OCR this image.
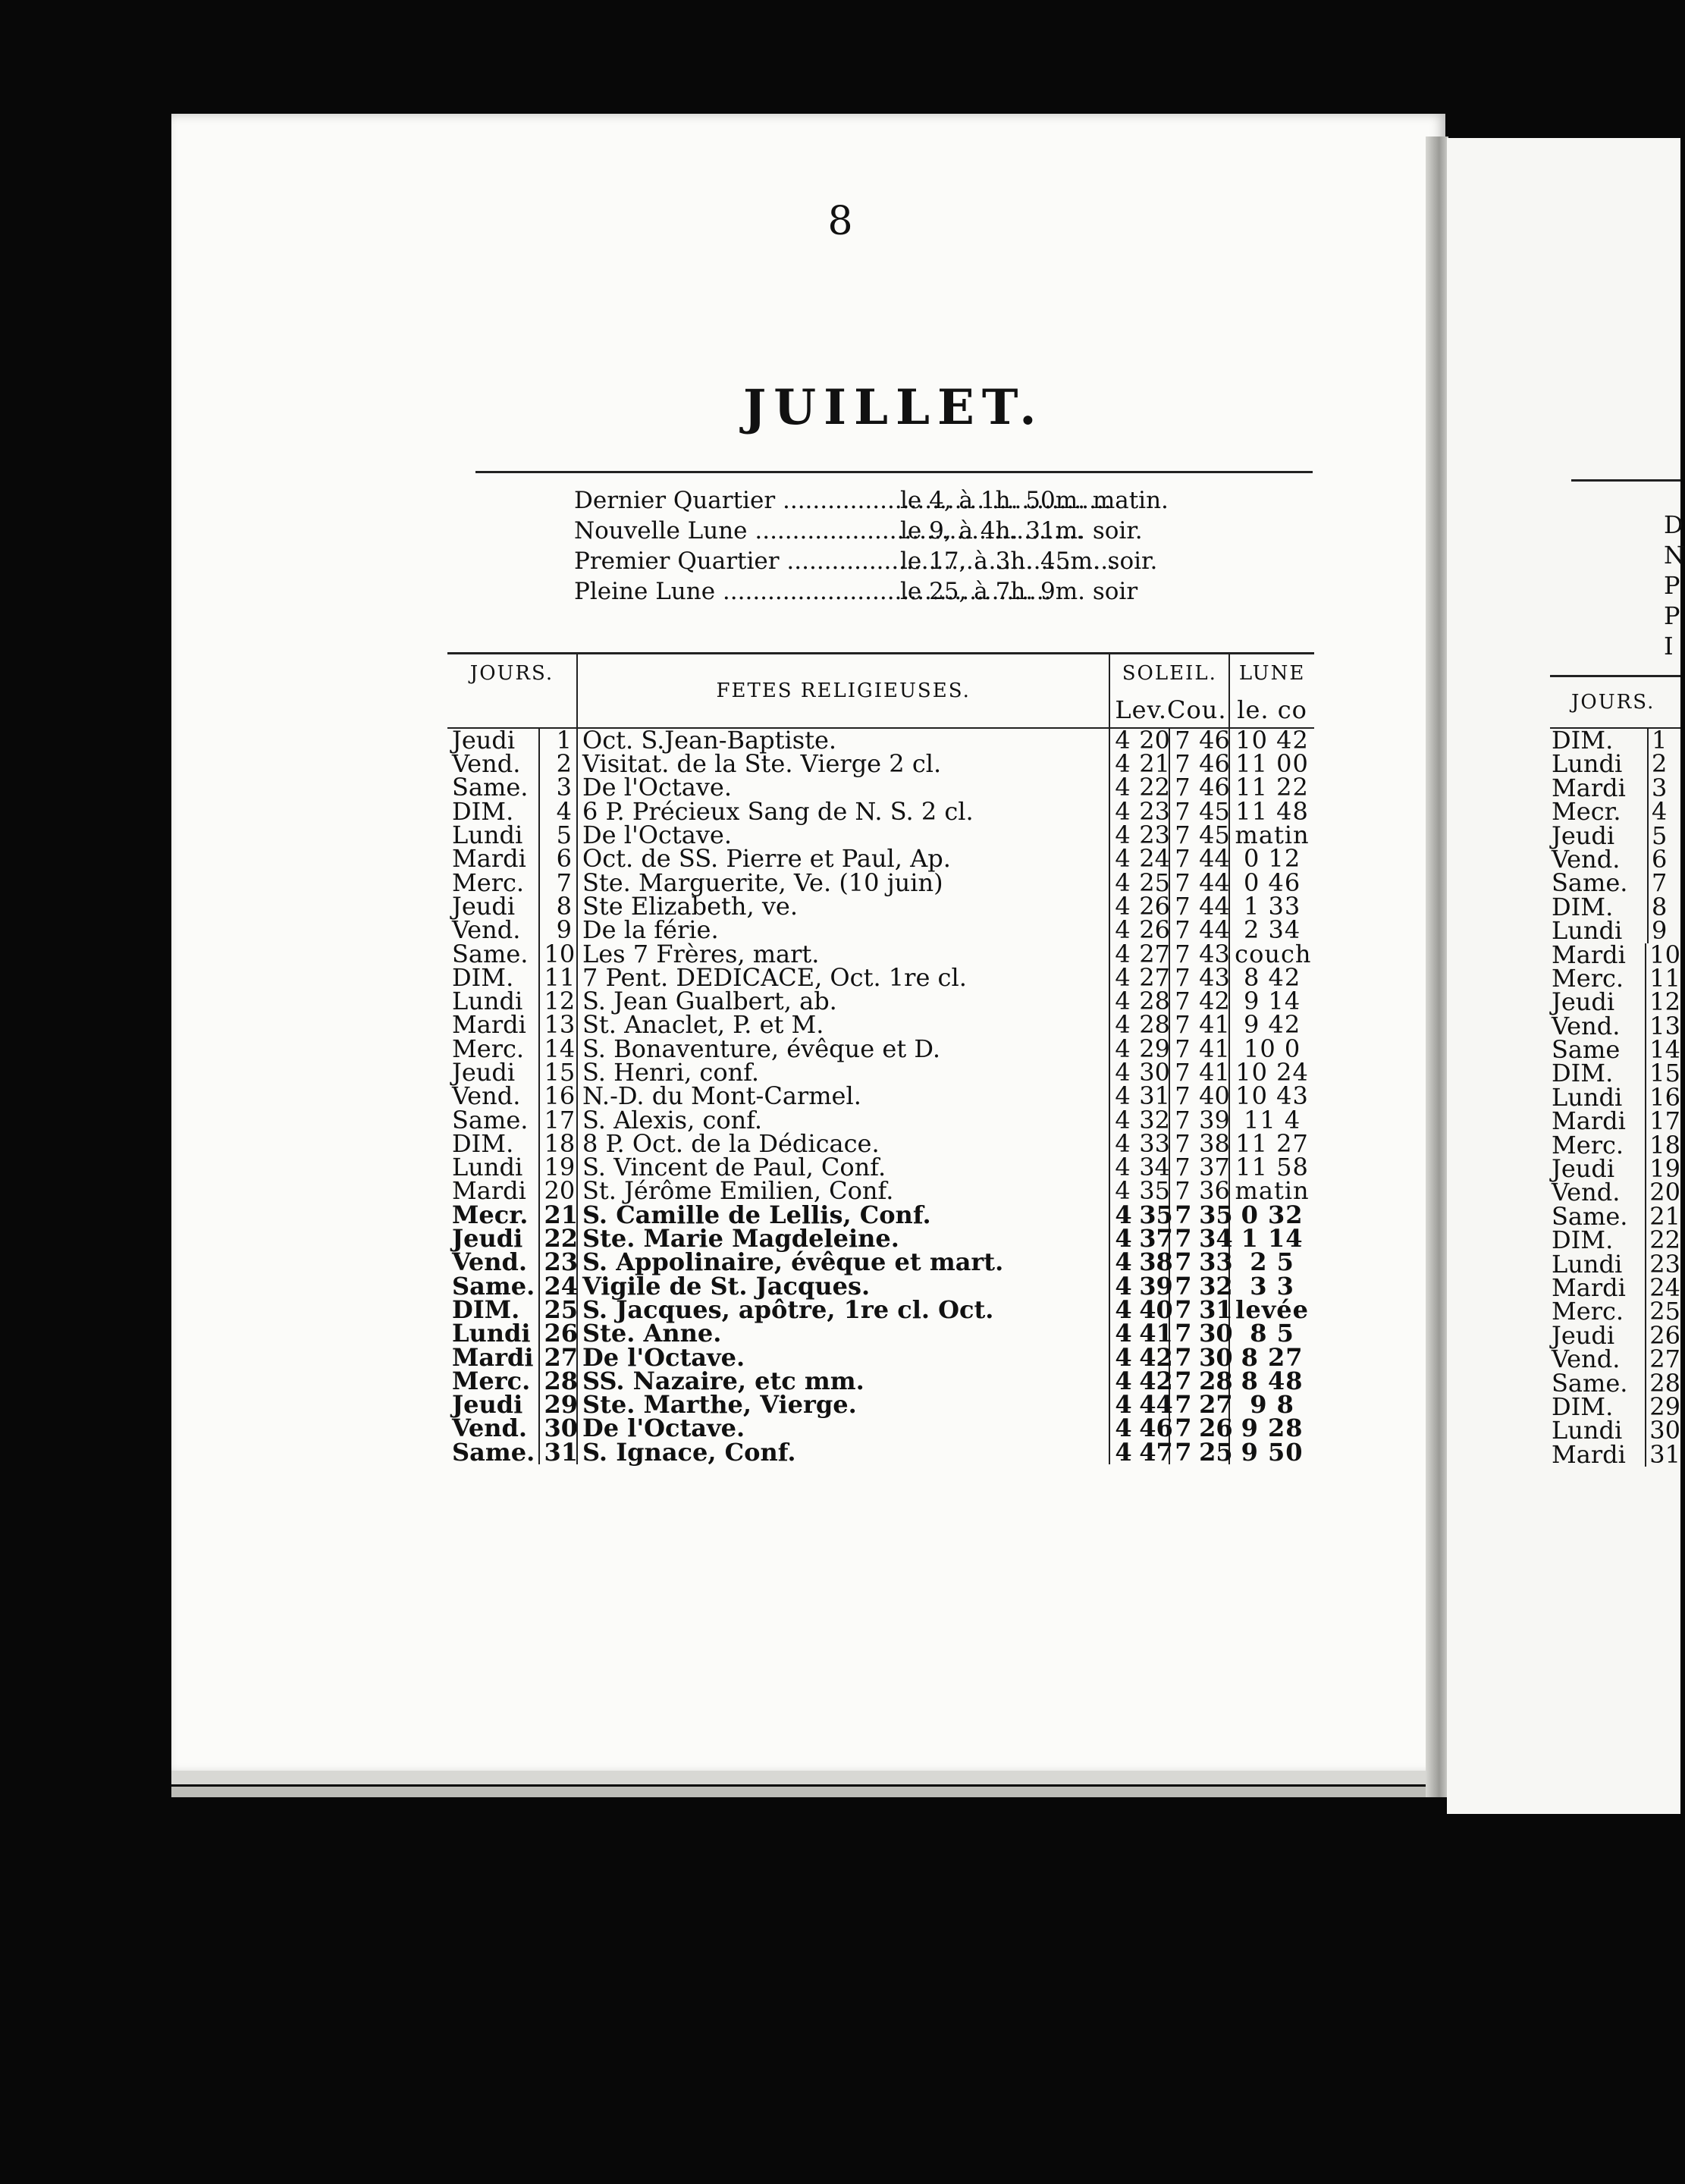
8
JUILLET.
Dernier Quartier .....	le 4, à 1h. 50m. matin.
Nouvelle Lune .....	le 9, à 4h. 31m. soir.
Premier Quartier .....	le 17, à 3h. 45m. soir.
Pleine Lune .....	le 25, à 7h. 9m. soir
JOURS.		FETES RELIGIEUSES.	SOLEIL.				LUNE
			Lev.Cou.				le. co
Jeudi	1	Oct. S.Jean-Baptiste.	4	20	7	46	10 42
Vend.	2	Visitat. de la Ste. Vierge 2 cl.	4	21	7	46	11 00
Same.	3	De l'Octave.	4	22	7	46	11 22
DIM.	4	6 P. Précieux Sang de N. S. 2 cl.	4	23	7	45	11 48
Lundi	5	De l'Octave.	4	23	7	45	matin
Mardi	6	Oct. de SS. Pierre et Paul, Ap.	4	24	7	44	0 12
Merc.	7	Ste. Marguerite, Ve. (10 juin)	4	25	7	44	0 46
Jeudi	8	Ste Elizabeth, ve.	4	26	7	44	1 33
Vend.	9	De la férie.	4	26	7	44	2 34
Same.	10	Les 7 Frères, mart.	4	27	7	43	couch
DIM.	11	7 Pent. DEDICACE, Oct. 1re cl.	4	27	7	43	8 42
Lundi	12	S. Jean Gualbert, ab.	4	28	7	42	9 14
Mardi	13	St. Anaclet, P. et M.	4	28	7	41	9 42
Merc.	14	S. Bonaventure, évêque et D.	4	29	7	41	10 0
Jeudi	15	S. Henri, conf.	4	30	7	41	10 24
Vend.	16	N.-D. du Mont-Carmel.	4	31	7	40	10 43
Same.	17	S. Alexis, conf.	4	32	7	39	11 4
DIM.	18	8 P. Oct. de la Dédicace.	4	33	7	38	11 27
Lundi	19	S. Vincent de Paul, Conf.	4	34	7	37	11 58
Mardi	20	St. Jérôme Emilien, Conf.	4	35	7	36	matin
Mecr.	21	S. Camille de Lellis, Conf.	4	35	7	35	0 32
Jeudi	22	Ste. Marie Magdeleine.	4	37	7	34	1 14
Vend.	23	S. Appolinaire, évêque et mart.	4	38	7	33	2 5
Same.	24	Vigile de St. Jacques.	4	39	7	32	3 3
DIM.	25	S. Jacques, apôtre, 1re cl. Oct.	4	40	7	31	levée
Lundi	26	Ste. Anne.	4	41	7	30	8 5
Mardi	27	De l'Octave.	4	42	7	30	8 27
Merc.	28	SS. Nazaire, etc mm.	4	42	7	28	8 48
Jeudi	29	Ste. Marthe, Vierge.	4	44	7	27	9 8
Vend.	30	De l'Octave.	4	46	7	26	9 28
Same.	31	S. Ignace, Conf.	4	47	7	25	9 50
D
N
P
P
I
JOURS.
DIM.	1
Lundi	2
Mardi	3
Mecr.	4
Jeudi	5
Vend.	6
Same. 7
DIM.	8
Lundi	9
Mardi 10
Merc.	11
Jeudi	12
Vend.	13
Same	14
DIM.	15
Lundi	16
Mardi 17
Merc.	18
Jeudi	19
Vend.	20
Same. 21
DIM.	22
Lundi	23
Mardi 24
Merc.	25
Jeudi	26
Vend.	27
Same. 28
DIM.	29
Lundi	30
Mardi 31
